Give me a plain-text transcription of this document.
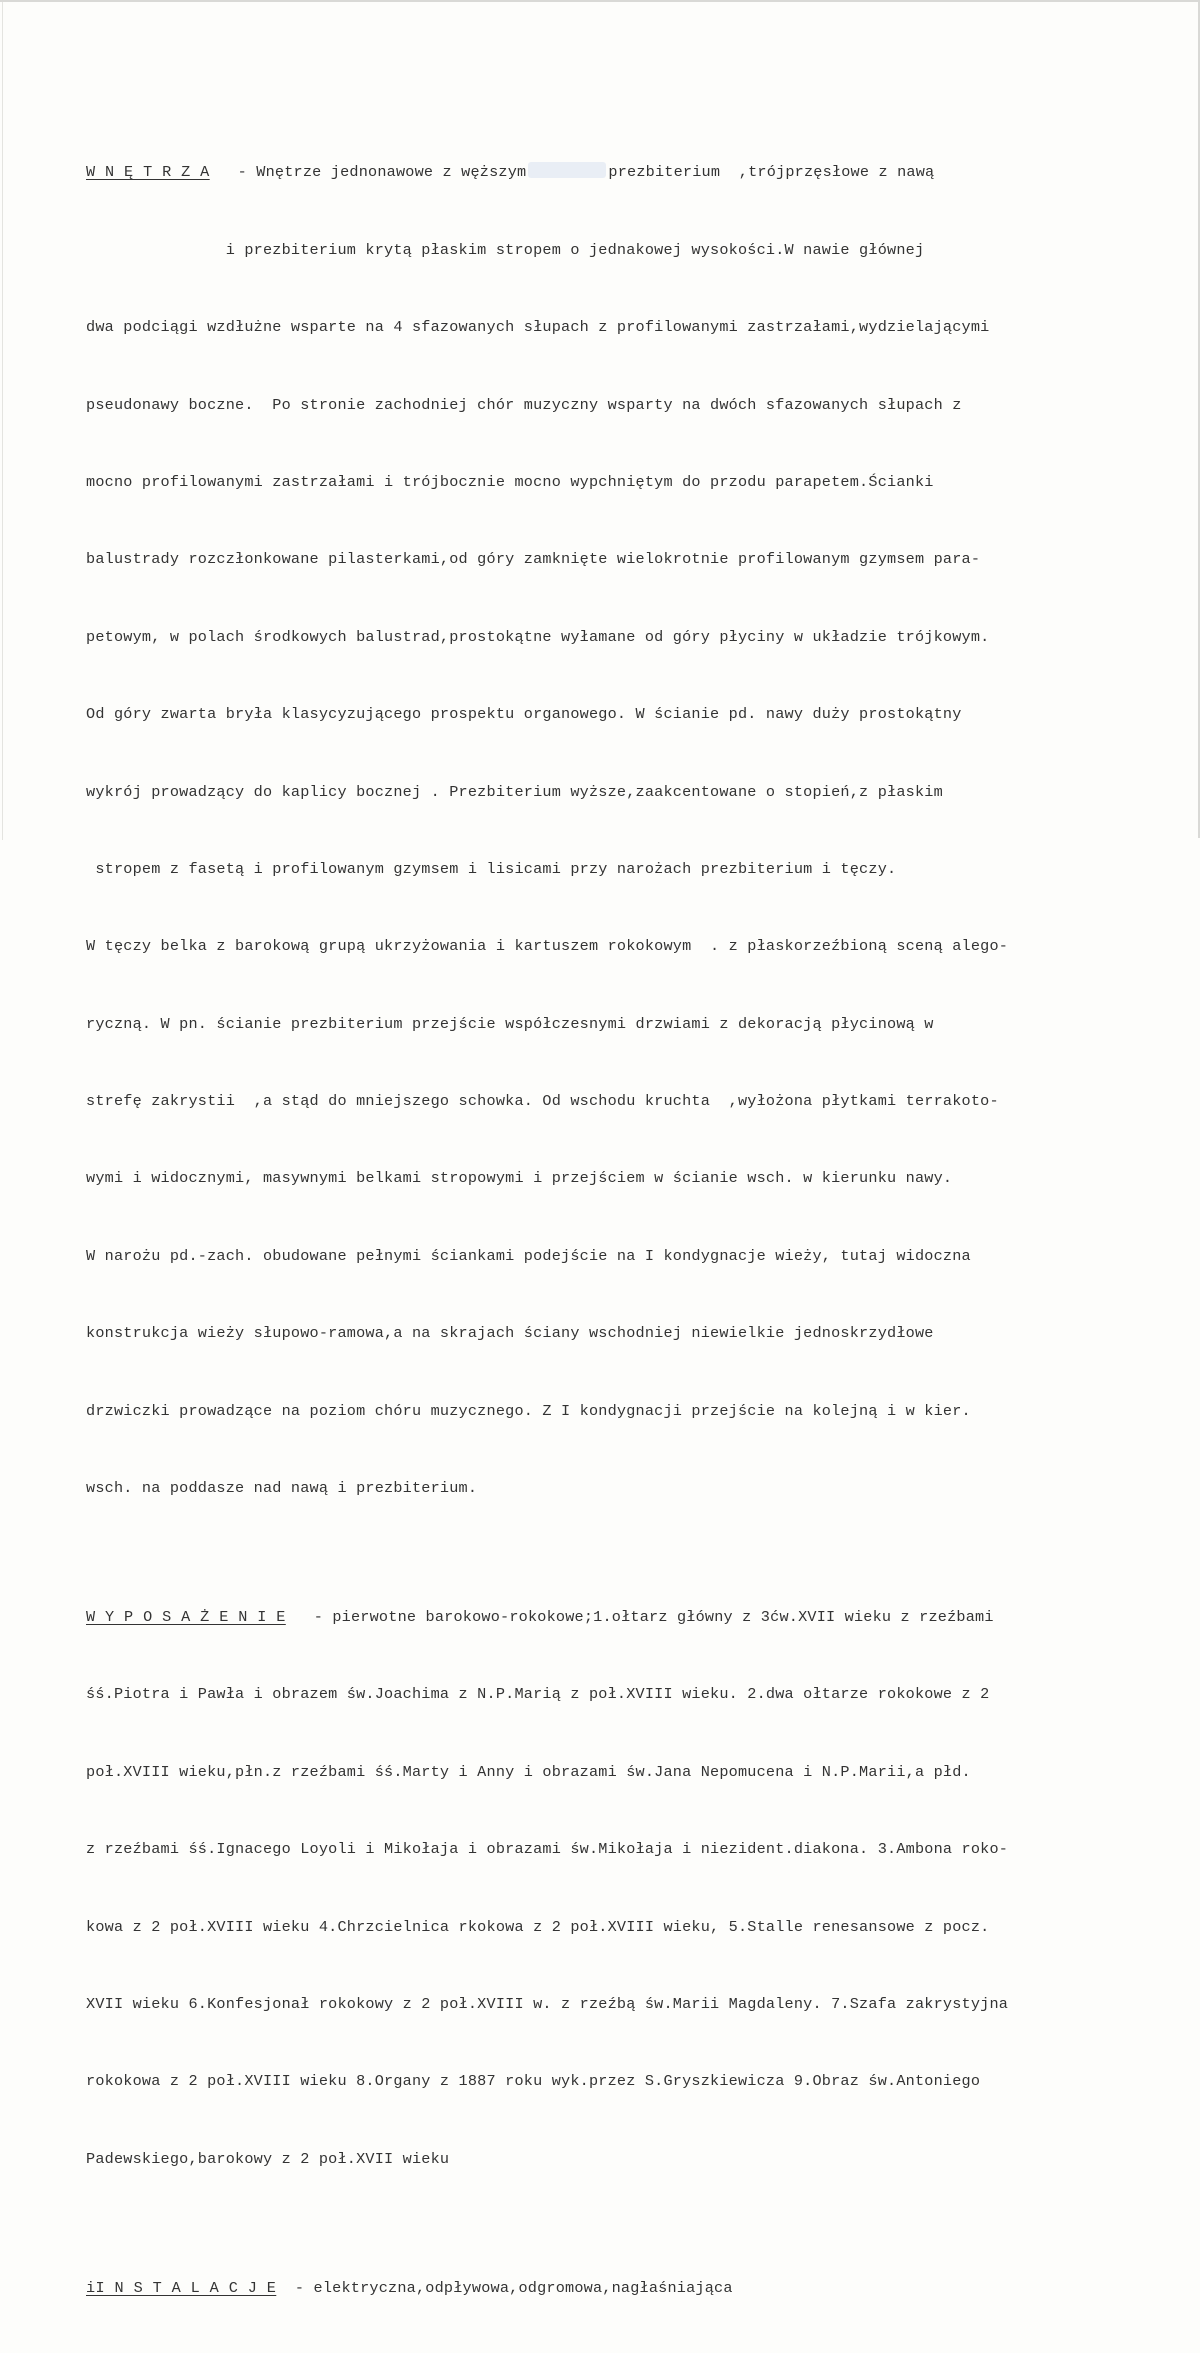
W N Ę T R Z A   - Wnętrze jednonawowe z węższym	prezbiterium  ,trójprzęsłowe z nawą

i prezbiterium krytą płaskim stropem o jednakowej wysokości.W nawie głównej

dwa podciągi wzdłużne wsparte na 4 sfazowanych słupach z profilowanymi zastrzałami,wydzielającymi

pseudonawy boczne.  Po stronie zachodniej chór muzyczny wsparty na dwóch sfazowanych słupach z

mocno profilowanymi zastrzałami i trójbocznie mocno wypchniętym do przodu parapetem.Ścianki

balustrady rozczłonkowane pilasterkami,od góry zamknięte wielokrotnie profilowanym gzymsem para-

petowym, w polach środkowych balustrad,prostokątne wyłamane od góry płyciny w układzie trójkowym.

Od góry zwarta bryła klasycyzującego prospektu organowego. W ścianie pd. nawy duży prostokątny

wykrój prowadzący do kaplicy bocznej . Prezbiterium wyższe,zaakcentowane o stopień,z płaskim

stropem z fasetą i profilowanym gzymsem i lisicami przy narożach prezbiterium i tęczy.

W tęczy belka z barokową grupą ukrzyżowania i kartuszem rokokowym  . z płaskorzeźbioną sceną alego-

ryczną. W pn. ścianie prezbiterium przejście współczesnymi drzwiami z dekoracją płycinową w

strefę zakrystii  ,a stąd do mniejszego schowka. Od wschodu kruchta  ,wyłożona płytkami terrakoto-

wymi i widocznymi, masywnymi belkami stropowymi i przejściem w ścianie wsch. w kierunku nawy.

W narożu pd.-zach. obudowane pełnymi ściankami podejście na I kondygnacje wieży, tutaj widoczna

konstrukcja wieży słupowo-ramowa,a na skrajach ściany wschodniej niewielkie jednoskrzydłowe

drzwiczki prowadzące na poziom chóru muzycznego. Z I kondygnacji przejście na kolejną i w kier.

wsch. na poddasze nad nawą i prezbiterium.

W Y P O S A Ż E N I E   - pierwotne barokowo-rokokowe;1.ołtarz główny z 3ćw.XVII wieku z rzeźbami

śś.Piotra i Pawła i obrazem św.Joachima z N.P.Marią z poł.XVIII wieku. 2.dwa ołtarze rokokowe z 2

poł.XVIII wieku,płn.z rzeźbami śś.Marty i Anny i obrazami św.Jana Nepomucena i N.P.Marii,a płd.

z rzeźbami śś.Ignacego Loyoli i Mikołaja i obrazami św.Mikołaja i niezident.diakona. 3.Ambona roko-

kowa z 2 poł.XVIII wieku 4.Chrzcielnica rkokowa z 2 poł.XVIII wieku, 5.Stalle renesansowe z pocz.

XVII wieku 6.Konfesjonał rokokowy z 2 poł.XVIII w. z rzeźbą św.Marii Magdaleny. 7.Szafa zakrystyjna

rokokowa z 2 poł.XVIII wieku 8.Organy z 1887 roku wyk.przez S.Gryszkiewicza 9.Obraz św.Antoniego

Padewskiego,barokowy z 2 poł.XVII wieku

iI N S T A L A C J E  - elektryczna,odpływowa,odgromowa,nagłaśniająca
